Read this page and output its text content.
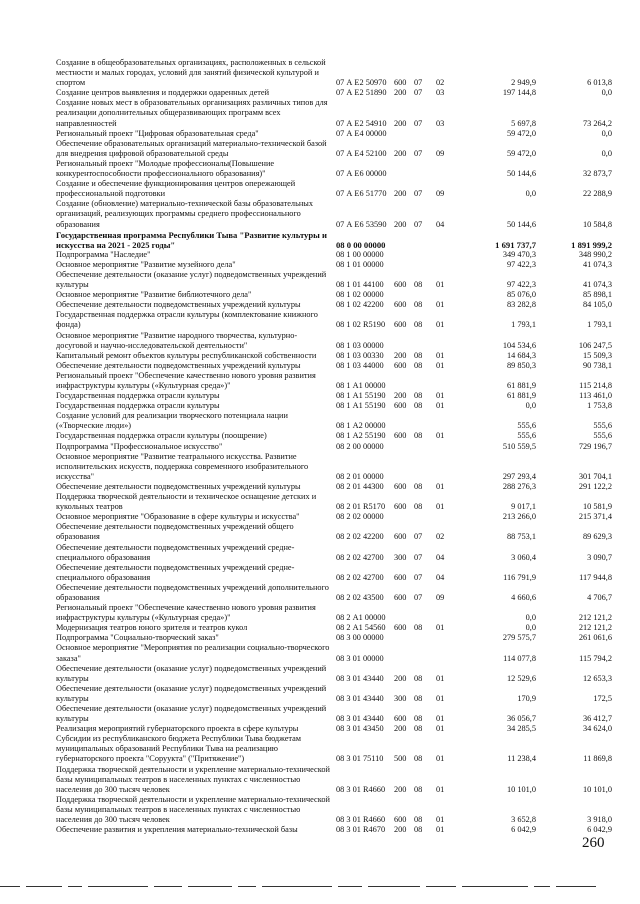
Создание в общеобразовательных организациях, расположенных в сельской местности и малых городах, условий для занятий физической культурой и спортом	07 А E2 50970 600 07	02	2 949,9	6 013,8
Создание центров выявления и поддержки одаренных детей	07 А E2 51890 200 07	03	197 144,8	0,0
Создание новых мест в образовательных организациях различных типов для реализации дополнительных общеразвивающих программ всех направленностей	07 А E2 54910 200 07	03	5 697,8	73 264,2
Региональный проект "Цифровая образовательная среда"	07 А E4 00000	59 472,0	0,0
Обеспечение образовательных организаций материально-технической базой для внедрения цифровой образовательной среды	07 А E4 52100 200 07	09	59 472,0	0,0
Региональный проект "Молодые профессионалы(Повышение конкурентоспособности профессионального образования)"	07 А E6 00000	50 144,6	32 873,7
Создание и обеспечение функционирования центров опережающей профессиональной подготовки	07 А E6 51770 200 07	09	0,0	22 288,9
Создание (обновление) материально-технической базы образовательных организаций, реализующих программы среднего профессионального образования	07 А E6 53590 200 07	04	50 144,6	10 584,8
Государственная программа Республики Тыва "Развитие культуры и искусства на 2021 - 2025 годы"	08 0 00 00000	1 691 737,7	1 891 999,2
Подпрограмма "Наследие"	08 1 00 00000	349 470,3	348 990,2
Основное мероприятие "Развитие музейного дела"	08 1 01 00000	97 422,3	41 074,3
Обеспечение деятельности (оказание услуг) подведомственных учреждений культуры	08 1 01 44100	600 08	01	97 422,3	41 074,3
Основное мероприятие "Развитие библиотечного дела"	08 1 02 00000	85 076,0	85 898,1
Обеспечение деятельности подведомственных учреждений культуры	08 1 02 42200	600 08	01	83 282,8	84 105,0
Государственная поддержка отрасли культуры (комплектование книжного фонда)	08 1 02 R5190	600 08	01	1 793,1	1 793,1
Основное мероприятие "Развитие народного творчества, культурно-досуговой и научно-исследовательской деятельности"	08 1 03 00000	104 534,6	106 247,5
Капитальный ремонт объектов культуры республиканской собственности	08 1 03 00330	200 08	01	14 684,3	15 509,3
Обеспечение деятельности подведомственных учреждений культуры	08 1 03 44000	600 08	01	89 850,3	90 738,1
Региональный проект "Обеспечение качественно нового уровня развития инфраструктуры культуры («Культурная среда»)"	08 1 А1 00000	61 881,9	115 214,8
Государственная поддержка отрасли культуры	08 1 А1 55190	200 08	01	61 881,9	113 461,0
Государственная поддержка отрасли культуры	08 1 А1 55190	600 08	01	0,0	1 753,8
Создание условий для реализации творческого потенциала нации («Творческие люди»)	08 1 А2 00000	555,6	555,6
Государственная поддержка отрасли культуры (поощрение)	08 1 А2 55190	600 08	01	555,6	555,6
Подпрограмма "Профессиональное искусство"	08 2 00 00000	510 559,5	729 196,7
Основное мероприятие "Развитие театрального искусства. Развитие исполнительских искусств, поддержка современного изобразительного искусства"	08 2 01 00000	297 293,4	301 704,1
Обеспечение деятельности подведомственных учреждений культуры	08 2 01 44300	600 08	01	288 276,3	291 122,2
Поддержка творческой деятельности и техническое оснащение детских и кукольных театров	08 2 01 R5170	600 08	01	9 017,1	10 581,9
Основное мероприятие "Образование в сфере культуры и искусства"	08 2 02 00000	213 266,0	215 371,4
Обеспечение деятельности подведомственных учреждений общего образования	08 2 02 42200	600 07	02	88 753,1	89 629,3
Обеспечение деятельности подведомственных учреждений средне-специального образования	08 2 02 42700	300 07	04	3 060,4	3 090,7
Обеспечение деятельности подведомственных учреждений средне-специального образования	08 2 02 42700	600 07	04	116 791,9	117 944,8
Обеспечение деятельности подведомственных учреждений дополнительного образования	08 2 02 43500	600 07	09	4 660,6	4 706,7
Региональный проект "Обеспечение качественно нового уровня развития инфраструктуры культуры («Культурная среда»)"	08 2 А1 00000	0,0	212 121,2
Модернизация театров юного зрителя и театров кукол	08 2 А1 54560	600 08	01	0,0	212 121,2
Подпрограмма "Социально-творческий заказ"	08 3 00 00000	279 575,7	261 061,6
Основное мероприятие "Мероприятия по реализации социально-творческого заказа"	08 3 01 00000	114 077,8	115 794,2
Обеспечение деятельности (оказание услуг) подведомственных учреждений культуры	08 3 01 43440	200 08	01	12 529,6	12 653,3
Обеспечение деятельности (оказание услуг) подведомственных учреждений культуры	08 3 01 43440	300 08	01	170,9	172,5
Обеспечение деятельности (оказание услуг) подведомственных учреждений культуры	08 3 01 43440	600 08	01	36 056,7	36 412,7
Реализация мероприятий губернаторского проекта в сфере культуры	08 3 01 43450	200 08	01	34 285,5	34 624,0
Субсидии из республиканского бюджета Республики Тыва бюджетам муниципальных образований Республики Тыва на реализацию губернаторского проекта "Соруукта" ("Притяжение")	08 3 01 75110	500 08	01	11 238,4	11 869,8
Поддержка творческой деятельности и укрепление материально-технической базы муниципальных театров в населенных пунктах с численностью населения до 300 тысяч человек	08 3 01 R4660	200 08	01	10 101,0	10 101,0
Поддержка творческой деятельности и укрепление материально-технической базы муниципальных театров в населенных пунктах с численностью населения до 300 тысяч человек	08 3 01 R4660	600 08	01	3 652,8	3 918,0
Обеспечение развития и укрепления материально-технической базы	08 3 01 R4670	200 08	01	6 042,9	6 042,9
260
